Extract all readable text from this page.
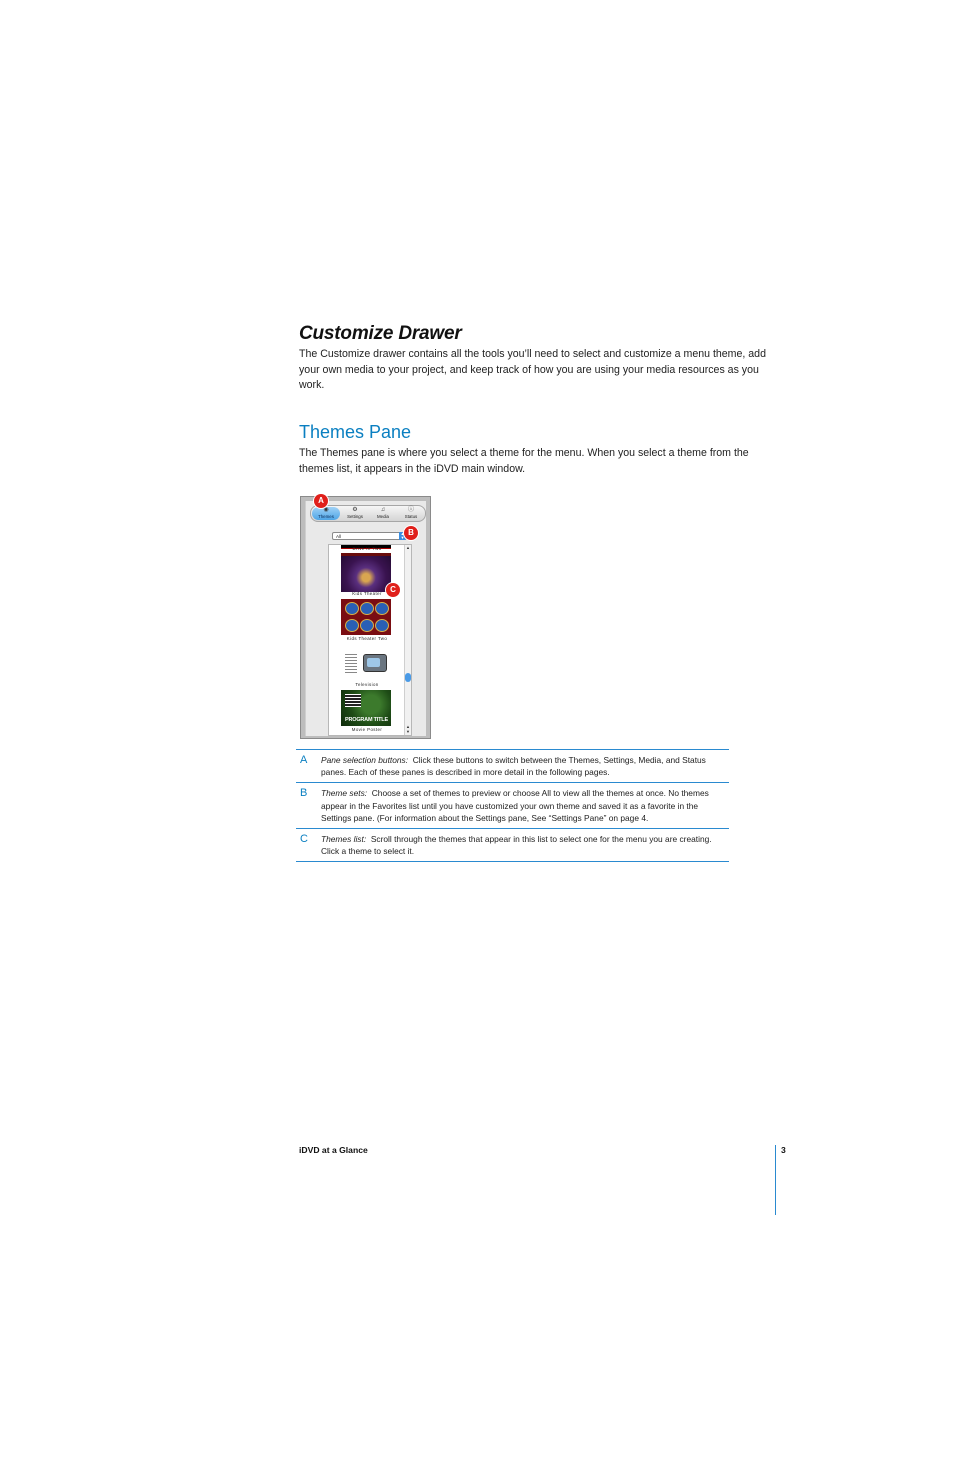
Customize Drawer
The Customize drawer contains all the tools you’ll need to select and customize a menu theme, add your own media to your project, and keep track of how you are using your media resources as you work.
Themes Pane
The Themes pane is where you select a theme for the menu. When you select a theme from the themes list, it appears in the iDVD main window.
◉
Themes
⚙
Settings
♫
Media
ⓘ
Status
All
▲
▼
Drive In Two
Kids Theater
Kids Theater Two
Television
PROGRAM TITLE
Movie Poster
▲
▲
▼
A
B
C
A Pane selection buttons: Click these buttons to switch between the Themes, Settings, Media, and Status panes. Each of these panes is described in more detail in the following pages.
B Theme sets: Choose a set of themes to preview or choose All to view all the themes at once. No themes appear in the Favorites list until you have customized your own theme and saved it as a favorite in the Settings pane. (For information about the Settings pane, See “Settings Pane” on page 4.
C Themes list: Scroll through the themes that appear in this list to select one for the menu you are creating. Click a theme to select it.
iDVD at a Glance	3
